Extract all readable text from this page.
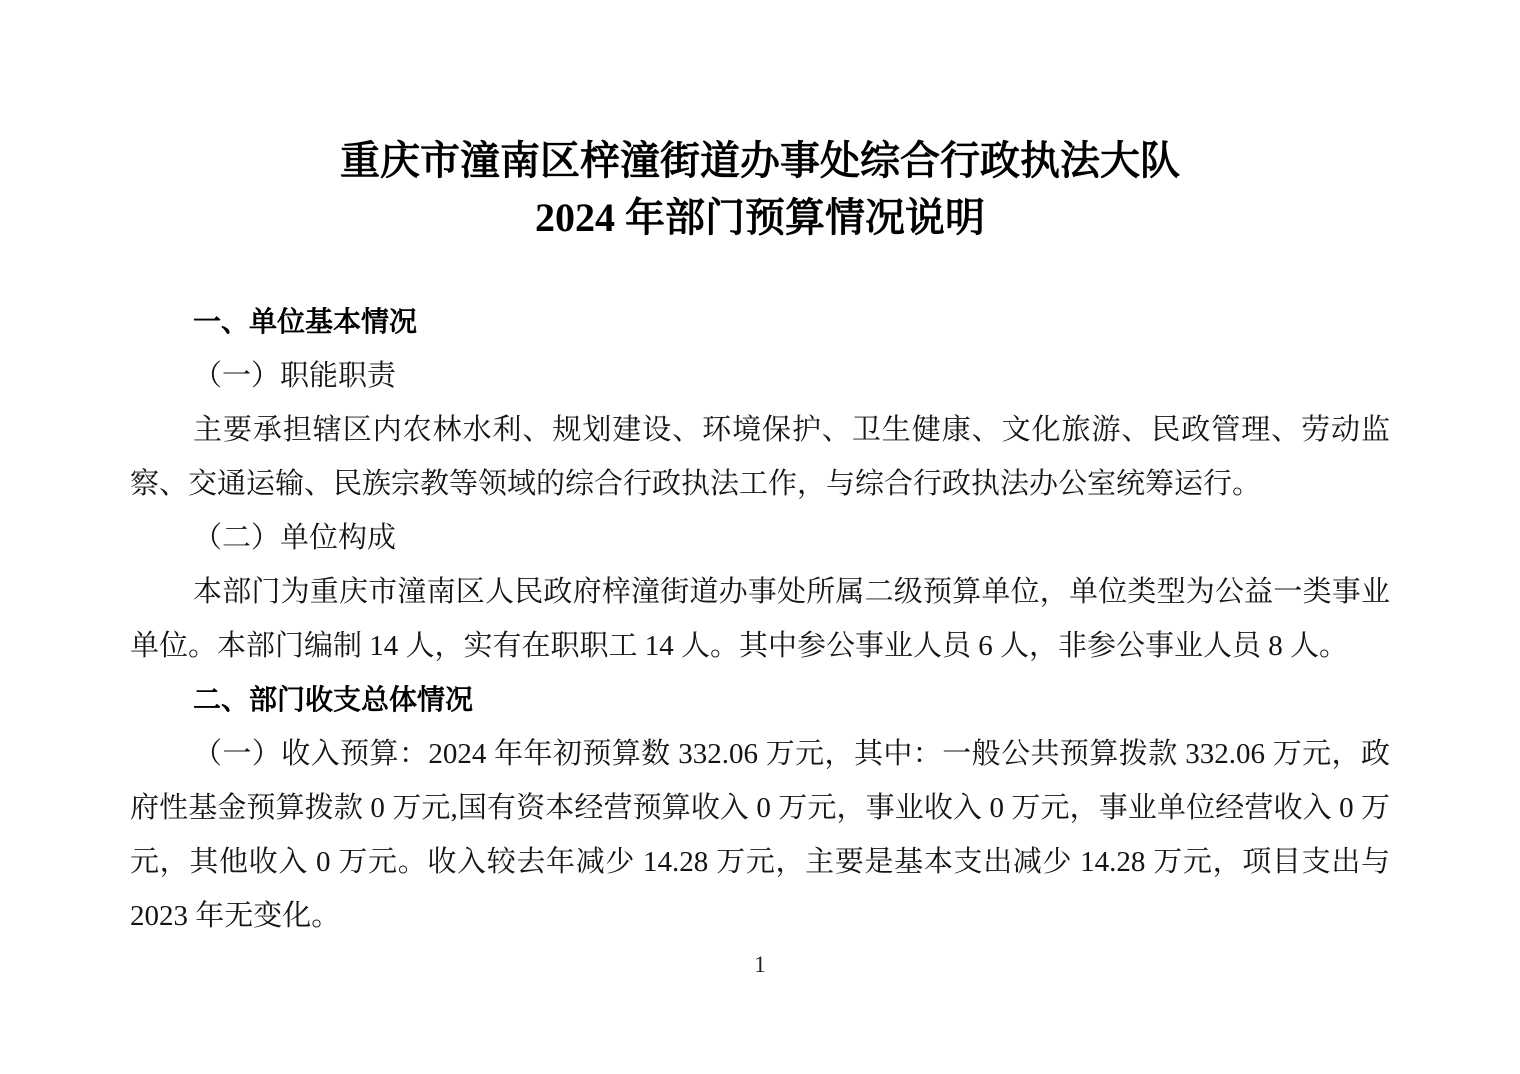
重庆市潼南区梓潼街道办事处综合行政执法大队
2024 年部门预算情况说明
一、单位基本情况
（一）职能职责
主要承担辖区内农林水利、规划建设、环境保护、卫生健康、文化旅游、民政管理、劳动监察、交通运输、民族宗教等领域的综合行政执法工作，与综合行政执法办公室统筹运行。
（二）单位构成
本部门为重庆市潼南区人民政府梓潼街道办事处所属二级预算单位，单位类型为公益一类事业单位。本部门编制 14 人，实有在职职工 14 人。其中参公事业人员 6 人，非参公事业人员 8 人。
二、部门收支总体情况
（一）收入预算：2024 年年初预算数 332.06 万元，其中：一般公共预算拨款 332.06 万元，政府性基金预算拨款 0 万元,国有资本经营预算收入 0 万元，事业收入 0 万元，事业单位经营收入 0 万元，其他收入 0 万元。收入较去年减少 14.28 万元，主要是基本支出减少 14.28 万元，项目支出与 2023 年无变化。
1
